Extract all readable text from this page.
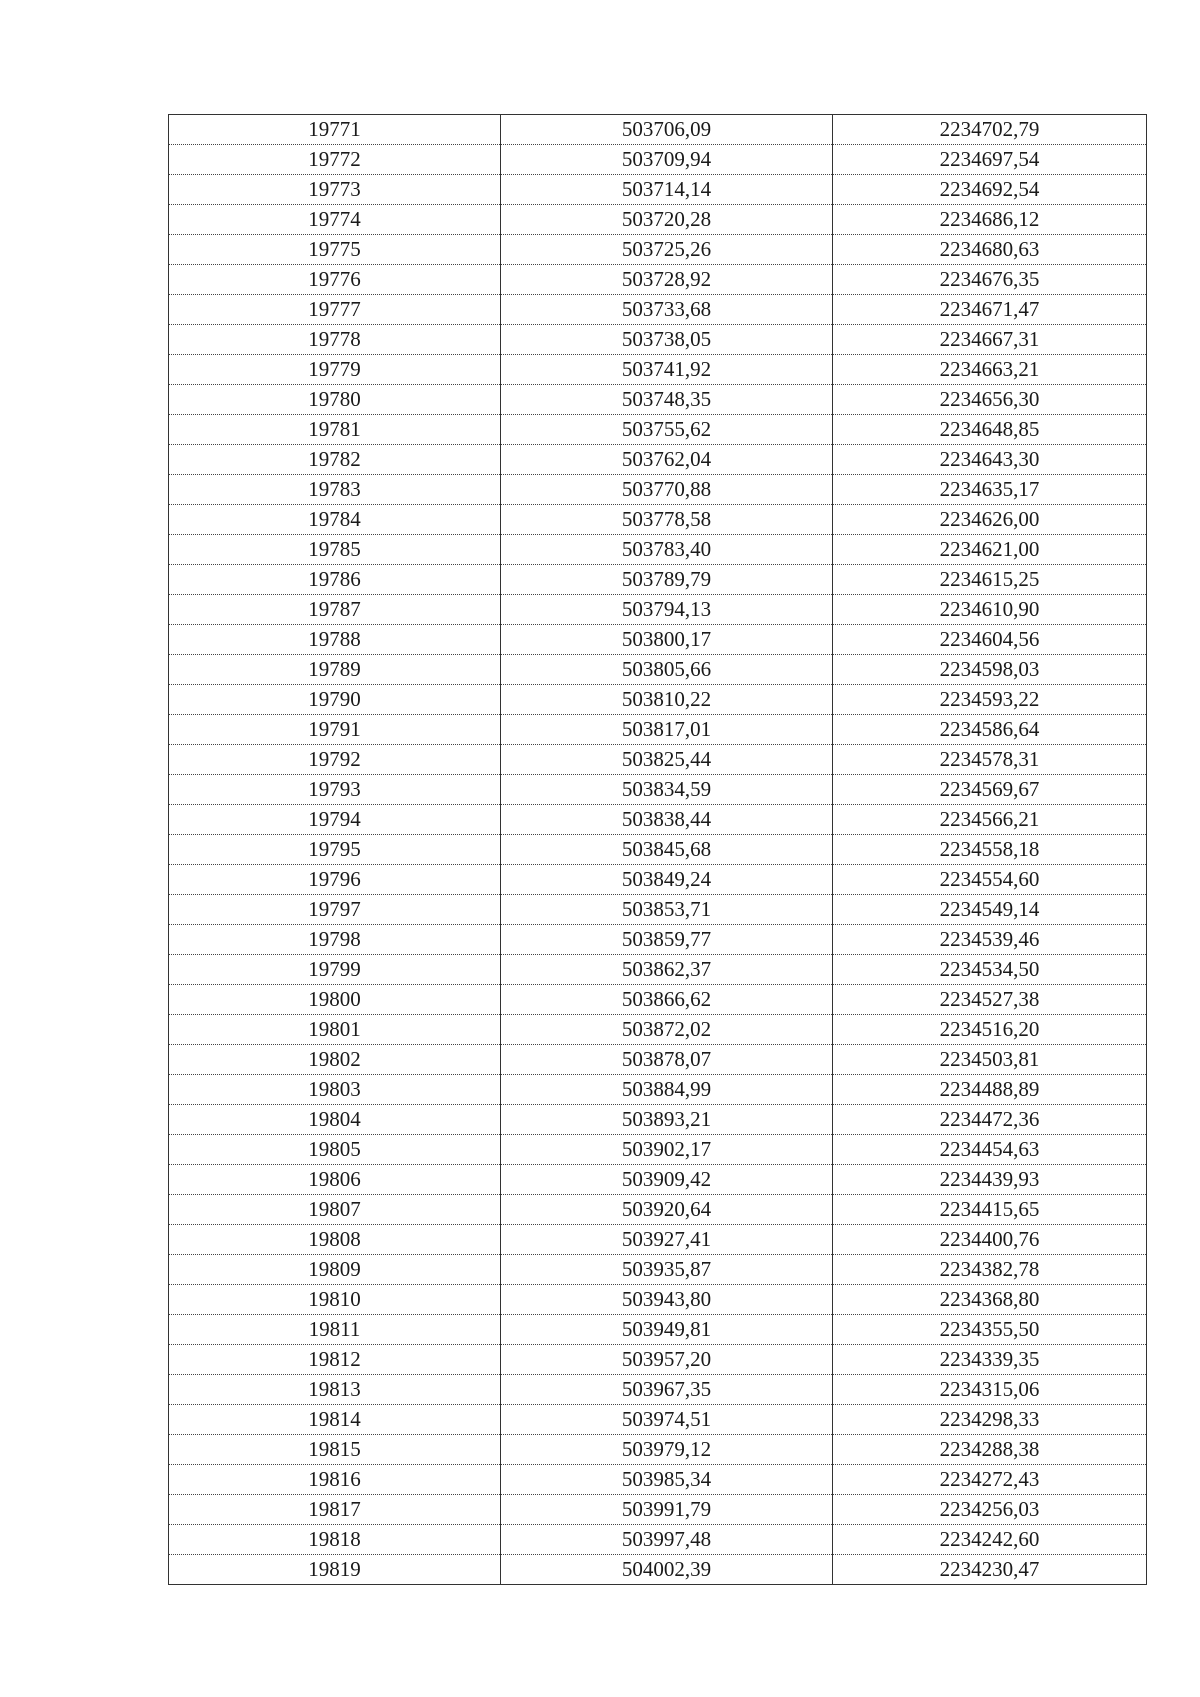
19771	503706,09	2234702,79
19772	503709,94	2234697,54
19773	503714,14	2234692,54
19774	503720,28	2234686,12
19775	503725,26	2234680,63
19776	503728,92	2234676,35
19777	503733,68	2234671,47
19778	503738,05	2234667,31
19779	503741,92	2234663,21
19780	503748,35	2234656,30
19781	503755,62	2234648,85
19782	503762,04	2234643,30
19783	503770,88	2234635,17
19784	503778,58	2234626,00
19785	503783,40	2234621,00
19786	503789,79	2234615,25
19787	503794,13	2234610,90
19788	503800,17	2234604,56
19789	503805,66	2234598,03
19790	503810,22	2234593,22
19791	503817,01	2234586,64
19792	503825,44	2234578,31
19793	503834,59	2234569,67
19794	503838,44	2234566,21
19795	503845,68	2234558,18
19796	503849,24	2234554,60
19797	503853,71	2234549,14
19798	503859,77	2234539,46
19799	503862,37	2234534,50
19800	503866,62	2234527,38
19801	503872,02	2234516,20
19802	503878,07	2234503,81
19803	503884,99	2234488,89
19804	503893,21	2234472,36
19805	503902,17	2234454,63
19806	503909,42	2234439,93
19807	503920,64	2234415,65
19808	503927,41	2234400,76
19809	503935,87	2234382,78
19810	503943,80	2234368,80
19811	503949,81	2234355,50
19812	503957,20	2234339,35
19813	503967,35	2234315,06
19814	503974,51	2234298,33
19815	503979,12	2234288,38
19816	503985,34	2234272,43
19817	503991,79	2234256,03
19818	503997,48	2234242,60
19819	504002,39	2234230,47
